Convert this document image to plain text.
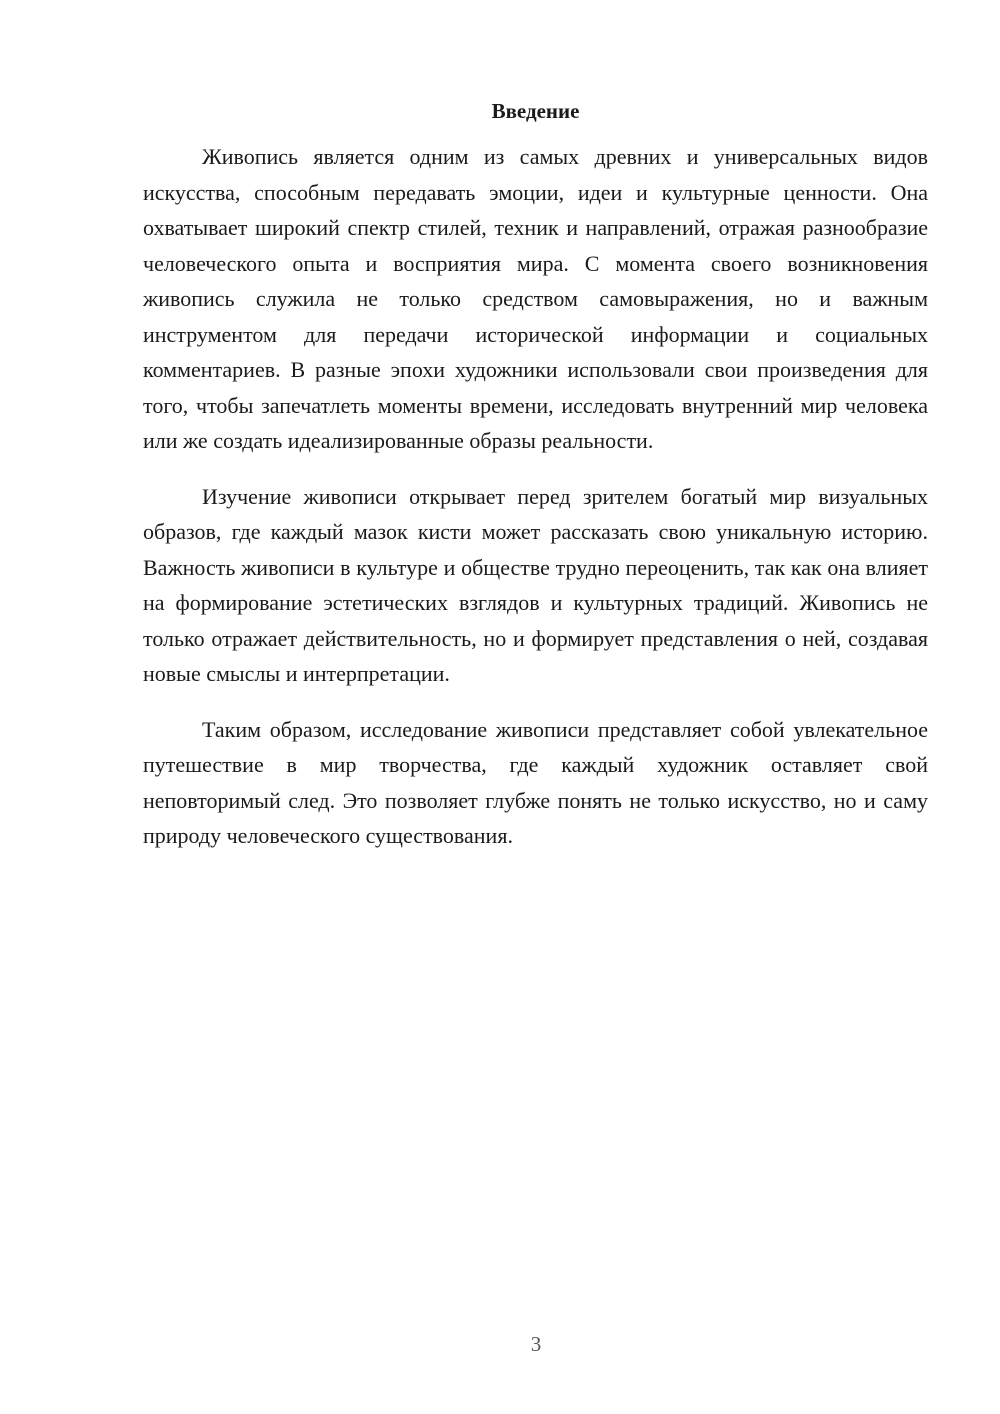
Введение

Живопись является одним из самых древних и универсальных видов искусства, способным передавать эмоции, идеи и культурные ценности. Она охватывает широкий спектр стилей, техник и направлений, отражая разнообразие человеческого опыта и восприятия мира. С момента своего возникновения живопись служила не только средством самовыражения, но и важным инструментом для передачи исторической информации и социальных комментариев. В разные эпохи художники использовали свои произведения для того, чтобы запечатлеть моменты времени, исследовать внутренний мир человека или же создать идеализированные образы реальности.

Изучение живописи открывает перед зрителем богатый мир визуальных образов, где каждый мазок кисти может рассказать свою уникальную историю. Важность живописи в культуре и обществе трудно переоценить, так как она влияет на формирование эстетических взглядов и культурных традиций. Живопись не только отражает действительность, но и формирует представления о ней, создавая новые смыслы и интерпретации.

Таким образом, исследование живописи представляет собой увлекательное путешествие в мир творчества, где каждый художник оставляет свой неповторимый след. Это позволяет глубже понять не только искусство, но и саму природу человеческого существования.

3
